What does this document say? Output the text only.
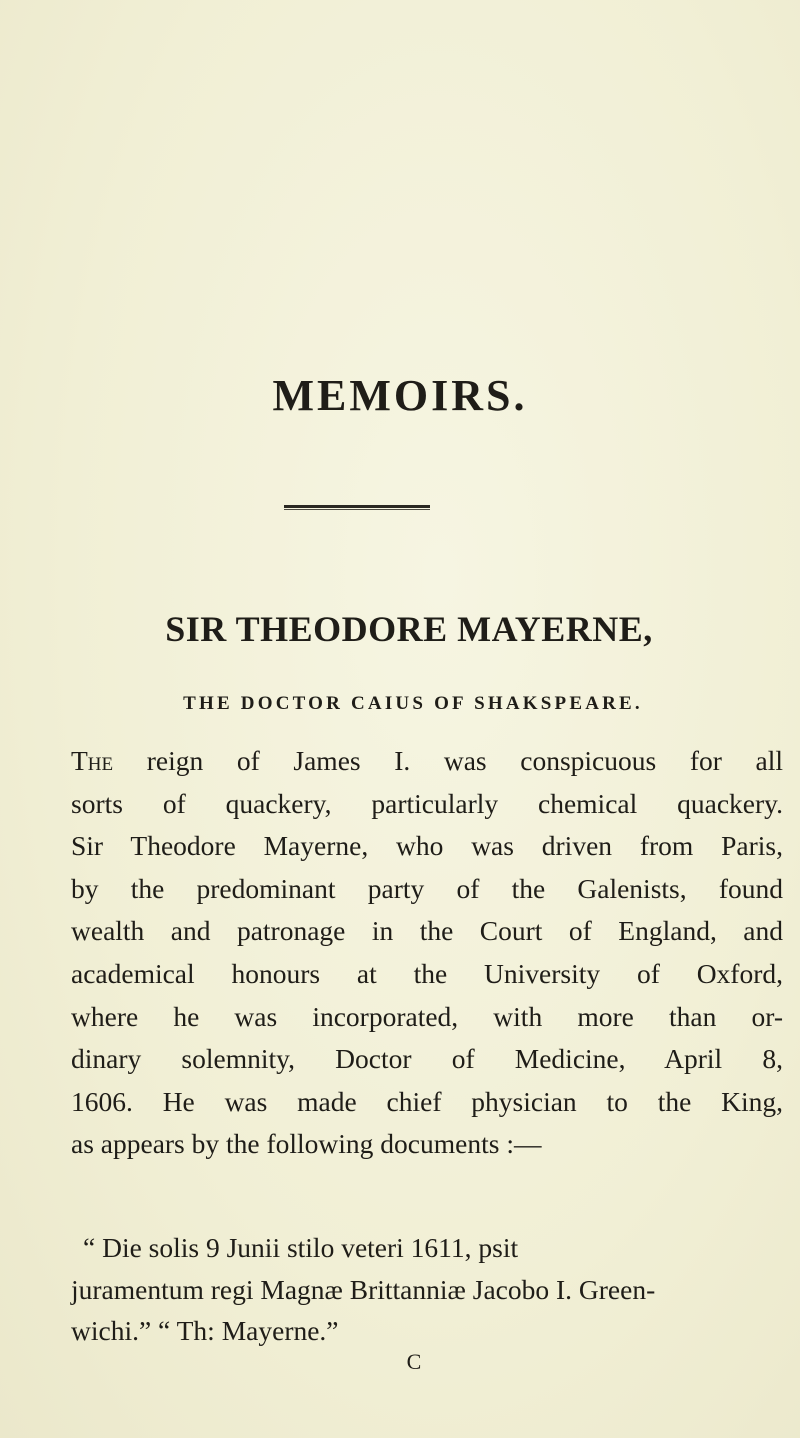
MEMOIRS.
SIR THEODORE MAYERNE,
THE DOCTOR CAIUS OF SHAKSPEARE.

The reign of James I. was conspicuous for all
sorts of quackery, particularly chemical quackery.
Sir Theodore Mayerne, who was driven from Paris,
by the predominant party of the Galenists, found
wealth and patronage in the Court of England, and
academical honours at the University of Oxford,
where he was incorporated, with more than or-
dinary solemnity, Doctor of Medicine, April 8,
1606. He was made chief physician to the King,
as appears by the following documents :—

“ Die solis 9 Junii stilo veteri 1611, psit
juramentum regi Magnæ Brittanniæ Jacobo I. Green-
wichi.” “ Th: Mayerne.”

C
